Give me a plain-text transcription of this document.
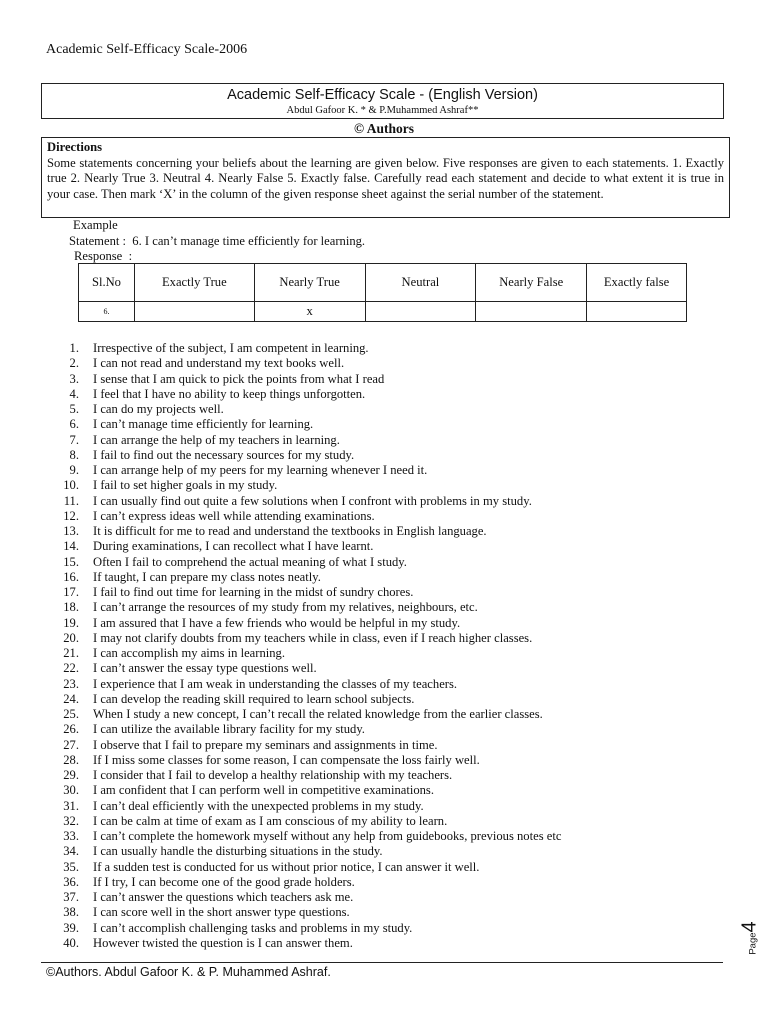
Academic Self-Efficacy Scale-2006
Academic Self-Efficacy Scale - (English Version)
Abdul Gafoor K. * & P.Muhammed Ashraf**
© Authors
Directions
Some statements concerning your beliefs about the learning are given below. Five responses are given to each statements. 1. Exactly true 2. Nearly True 3. Neutral 4. Nearly False 5. Exactly false. Carefully read each statement and decide to what extent it is true in your case. Then mark ‘X’ in the column of the given response sheet against the serial number of the statement.
Example
Statement :  6. I can’t manage time efficiently for learning.
Response  :
Sl.No	Exactly True	Nearly True	Neutral	Nearly False	Exactly false
6.		x			
1. Irrespective of the subject, I am competent in learning.
2. I can not read and understand my text books well.
3. I sense that I am quick to pick the points from what I read
4. I feel that I have no ability to keep things unforgotten.
5. I can do my projects well.
6. I can’t manage time efficiently for learning.
7. I can arrange the help of my teachers in learning.
8. I fail to find out the necessary sources for my study.
9. I can arrange help of my peers for my learning whenever I need it.
10. I fail to set higher goals in my study.
11. I can usually find out quite a few solutions when I confront with problems in my study.
12. I can’t express ideas well while attending examinations.
13. It is difficult for me to read and understand the textbooks in English language.
14. During examinations, I can recollect what I have learnt.
15. Often I fail to comprehend the actual meaning of what I study.
16. If taught, I can prepare my class notes neatly.
17. I fail to find out time for learning in the midst of sundry chores.
18. I can’t arrange the resources of my study from my relatives, neighbours, etc.
19. I am assured that I have a few friends who would be helpful in my study.
20. I may not clarify doubts from my teachers while in class, even if I reach higher classes.
21. I can accomplish my aims in learning.
22. I can’t answer the essay type questions well.
23. I experience that I am weak in understanding the classes of my teachers.
24. I can develop the reading skill required to learn school subjects.
25. When I study a new concept, I can’t recall the related knowledge from the earlier classes.
26. I can utilize the available library facility for my study.
27. I observe that I fail to prepare my seminars and assignments in time.
28. If I miss some classes for some reason, I can compensate the loss fairly well.
29. I consider that I fail to develop a healthy relationship with my teachers.
30. I am confident that I can perform well in competitive examinations.
31. I can’t deal efficiently with the unexpected problems in my study.
32. I can be calm at time of exam as I am conscious of my ability to learn.
33. I can’t complete the homework myself without any help from guidebooks, previous notes etc
34. I can usually handle the disturbing situations in the study.
35. If a sudden test is conducted for us without prior notice, I can answer it well.
36. If I try, I can become one of the good grade holders.
37. I can’t answer the questions which teachers ask me.
38. I can score well in the short answer type questions.
39. I can’t accomplish challenging tasks and problems in my study.
40. However twisted the question is I can answer them.
©Authors. Abdul Gafoor K. & P. Muhammed Ashraf.
Page4
